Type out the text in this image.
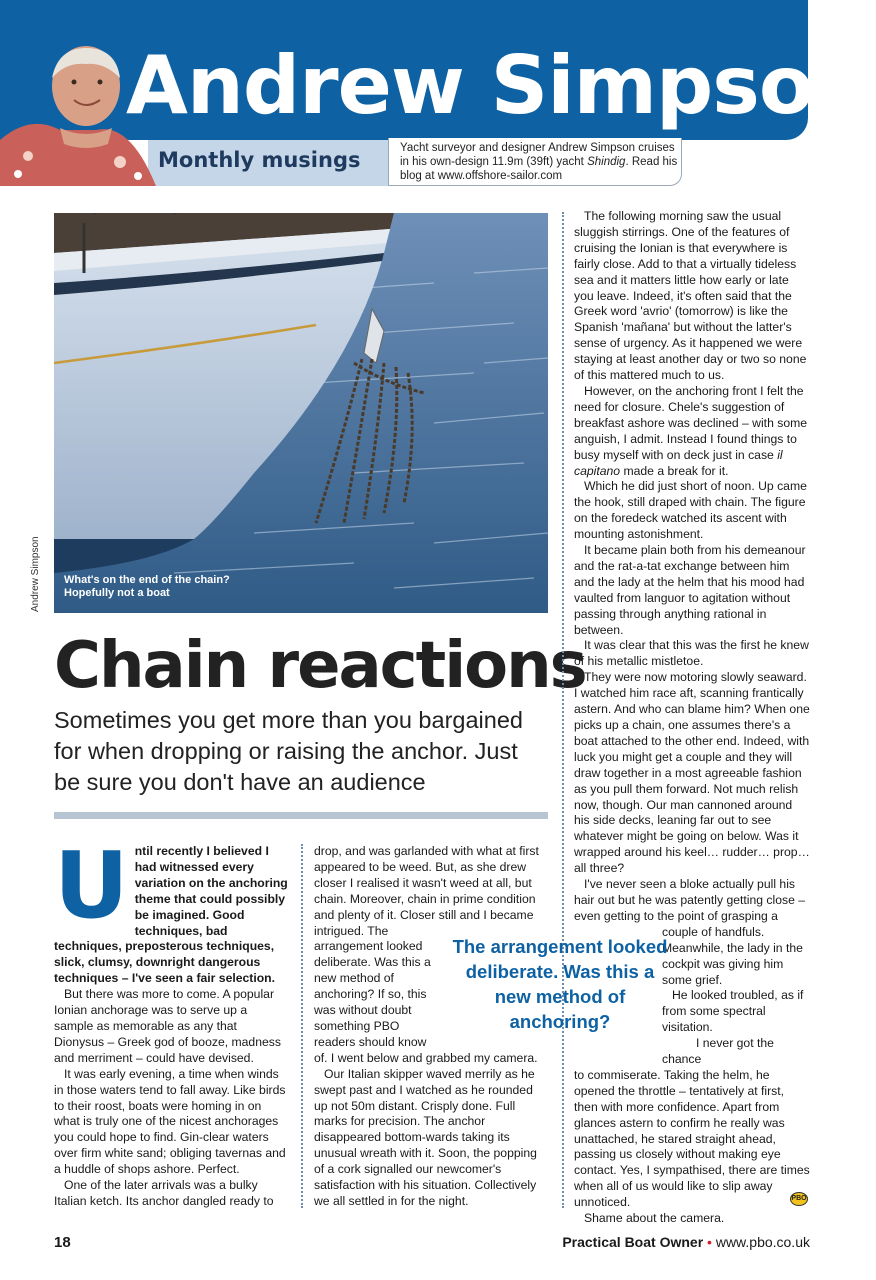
Andrew Simpson
Monthly musings	Yacht surveyor and designer Andrew Simpson cruises in his own-design 11.9m (39ft) yacht Shindig. Read his blog at www.offshore-sailor.com
Andrew Simpson What's on the end of the chain? Hopefully not a boat
Chain reactions
Sometimes you get more than you bargained for when dropping or raising the anchor. Just be sure you don't have an audience

Until recently I believed I had witnessed every variation on the anchoring theme that could possibly be imagined. Good techniques, bad techniques, preposterous techniques, slick, clumsy, downright dangerous techniques – I've seen a fair selection.

But there was more to come. A popular Ionian anchorage was to serve up a sample as memorable as any that Dionysus – Greek god of booze, madness and merriment – could have devised.

It was early evening, a time when winds in those waters tend to fall away. Like birds to their roost, boats were homing in on what is truly one of the nicest anchorages you could hope to find. Gin-clear waters over firm white sand; obliging tavernas and a huddle of shops ashore. Perfect.

One of the later arrivals was a bulky Italian ketch. Its anchor dangled ready to

drop, and was garlanded with what at first appeared to be weed. But, as she drew closer I realised it wasn't weed at all, but chain. Moreover, chain in prime condition and plenty of it. Closer still and I became intrigued. The

arrangement looked deliberate. Was this a new method of anchoring? If so, this was without doubt something PBO readers should know

of. I went below and grabbed my camera.

Our Italian skipper waved merrily as he swept past and I watched as he rounded up not 50m distant. Crisply done. Full marks for precision. The anchor disappeared bottom-wards taking its unusual wreath with it. Soon, the popping of a cork signalled our newcomer's satisfaction with his situation. Collectively we all settled in for the night.

The following morning saw the usual sluggish stirrings. One of the features of cruising the Ionian is that everywhere is fairly close. Add to that a virtually tideless sea and it matters little how early or late you leave. Indeed, it's often said that the Greek word 'avrio' (tomorrow) is like the Spanish 'mañana' but without the latter's sense of urgency. As it happened we were staying at least another day or two so none of this mattered much to us.

However, on the anchoring front I felt the need for closure. Chele's suggestion of breakfast ashore was declined – with some anguish, I admit. Instead I found things to busy myself with on deck just in case il capitano made a break for it.

Which he did just short of noon. Up came the hook, still draped with chain. The figure on the foredeck watched its ascent with mounting astonishment.

It became plain both from his demeanour and the rat-a-tat exchange between him and the lady at the helm that his mood had vaulted from languor to agitation without passing through anything rational in between.

It was clear that this was the first he knew of his metallic mistletoe.

They were now motoring slowly seaward. I watched him race aft, scanning frantically astern. And who can blame him? When one picks up a chain, one assumes there's a boat attached to the other end. Indeed, with luck you might get a couple and they will draw together in a most agreeable fashion as you pull them forward. Not much relish now, though. Our man cannoned around his side decks, leaning far out to see whatever might be going on below. Was it wrapped around his keel… rudder… prop… all three?

I've never seen a bloke actually pull his hair out but he was patently getting close – even getting to the point of grasping a

couple of handfuls. Meanwhile, the lady in the cockpit was giving him some grief.

He looked troubled, as if from some spectral visitation.

I never got the chance

to commiserate. Taking the helm, he opened the throttle – tentatively at first, then with more confidence. Apart from glances astern to confirm he really was unattached, he stared straight ahead, passing us closely without making eye contact. Yes, I sympathised, there are times when all of us would like to slip away unnoticed.

Shame about the camera.

The arrangement looked deliberate. Was this a new method of anchoring?
PBO
18	Practical Boat Owner • www.pbo.co.uk
